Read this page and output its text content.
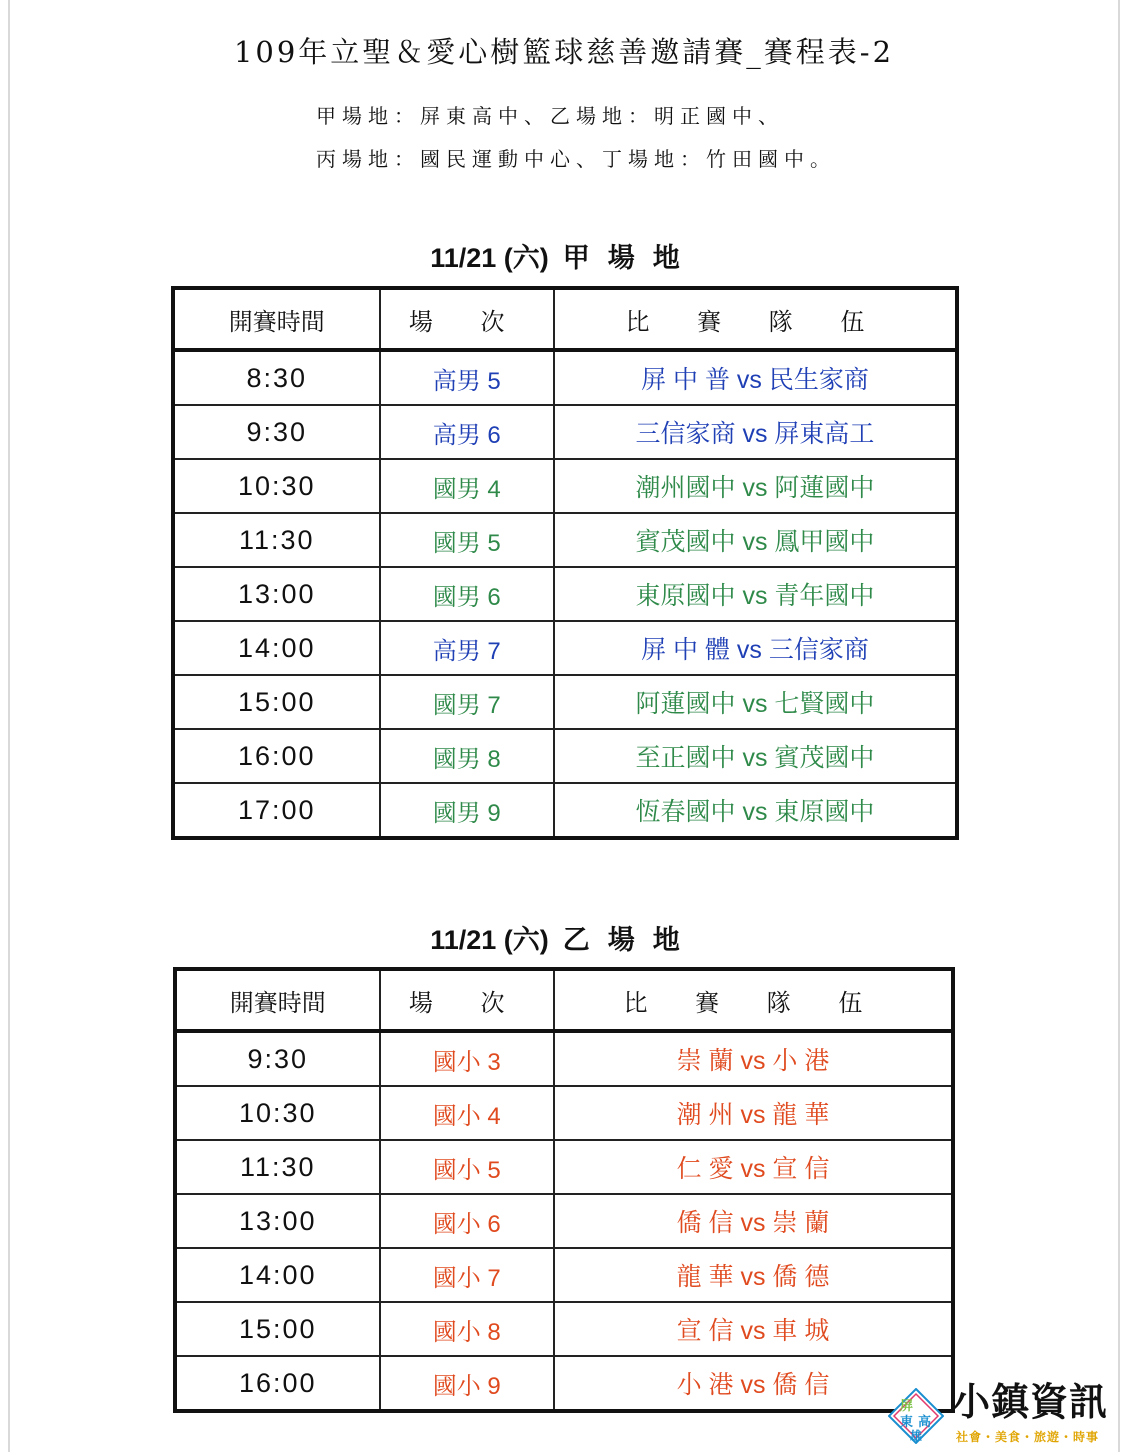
109年立聖＆愛心樹籃球慈善邀請賽_賽程表-2
甲場地：屏東高中、乙場地：明正國中、
丙場地：國民運動中心、丁場地：竹田國中。
11/21 (六) 甲場地
開賽時間	場 次	比 賽 隊 伍
8:30	高男 5	屏 中 普 vs 民生家商
9:30	高男 6	三信家商 vs 屏東高工
10:30	國男 4	潮州國中 vs 阿蓮國中
11:30	國男 5	賓茂國中 vs 鳳甲國中
13:00	國男 6	東原國中 vs 青年國中
14:00	高男 7	屏 中 體 vs 三信家商
15:00	國男 7	阿蓮國中 vs 七賢國中
16:00	國男 8	至正國中 vs 賓茂國中
17:00	國男 9	恆春國中 vs 東原國中
11/21 (六) 乙場地
開賽時間	場 次	比 賽 隊 伍
9:30	國小 3	崇 蘭 vs 小 港
10:30	國小 4	潮 州 vs 龍 華
11:30	國小 5	仁 愛 vs 宣 信
13:00	國小 6	僑 信 vs 崇 蘭
14:00	國小 7	龍 華 vs 僑 德
15:00	國小 8	宣 信 vs 車 城
16:00	國小 9	小 港 vs 僑 信
屏
東 高
雄
小鎮資訊
社會・美食・旅遊・時事
